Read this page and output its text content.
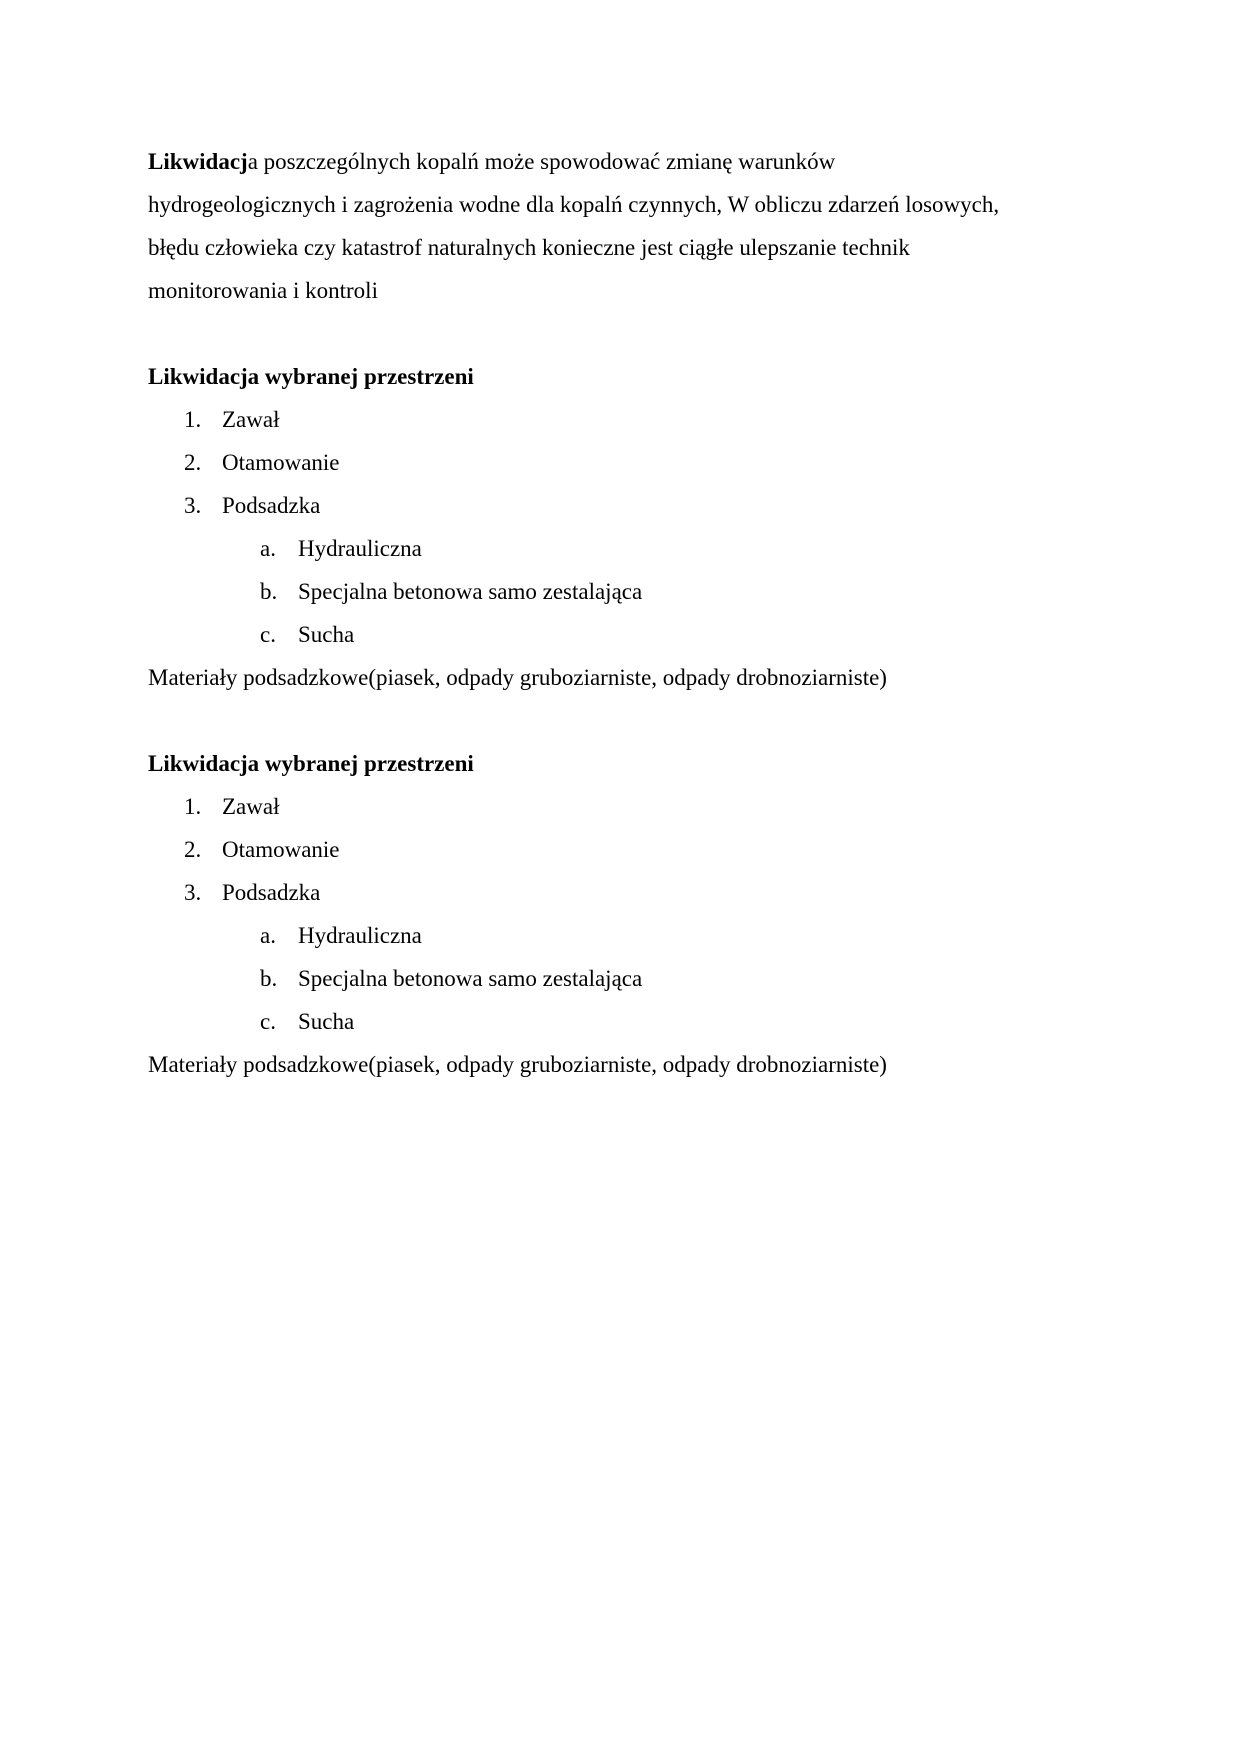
Likwidacja poszczególnych kopalń może spowodować zmianę warunków
hydrogeologicznych i zagrożenia wodne dla kopalń czynnych, W obliczu zdarzeń losowych,
błędu człowieka czy katastrof naturalnych konieczne jest ciągłe ulepszanie technik
monitorowania i kontroli
Likwidacja wybranej przestrzeni
1. Zawał
2. Otamowanie
3. Podsadzka
a. Hydrauliczna
b. Specjalna betonowa samo zestalająca
c. Sucha
Materiały podsadzkowe(piasek, odpady gruboziarniste, odpady drobnoziarniste)
Likwidacja wybranej przestrzeni
1. Zawał
2. Otamowanie
3. Podsadzka
a. Hydrauliczna
b. Specjalna betonowa samo zestalająca
c. Sucha
Materiały podsadzkowe(piasek, odpady gruboziarniste, odpady drobnoziarniste)
